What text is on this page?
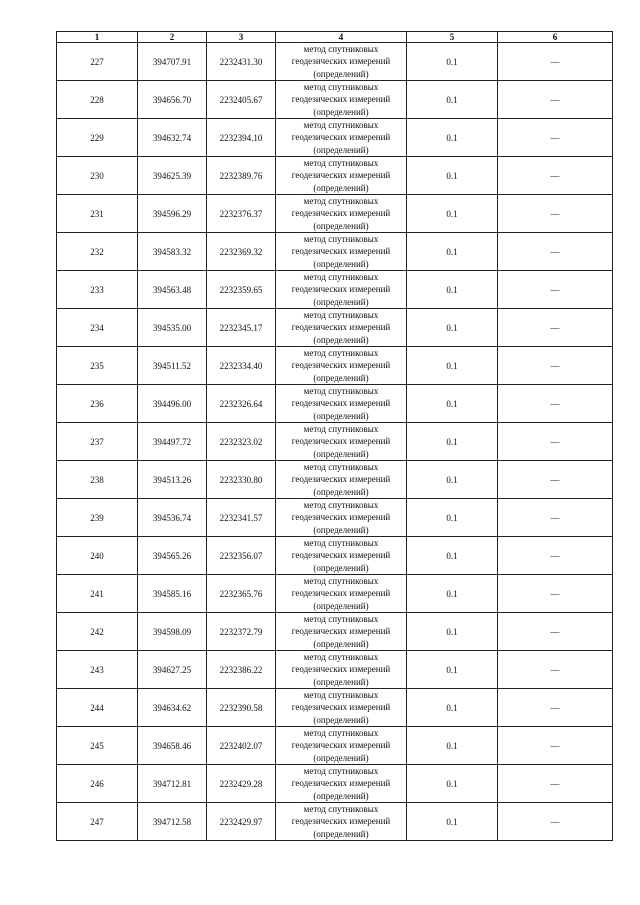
1	2	3	4	5	6
227	394707.91	2232431.30	метод спутниковых геодезических измерений (определений)	0.1	—
228	394656.70	2232405.67	метод спутниковых геодезических измерений (определений)	0.1	—
229	394632.74	2232394.10	метод спутниковых геодезических измерений (определений)	0.1	—
230	394625.39	2232389.76	метод спутниковых геодезических измерений (определений)	0.1	—
231	394596.29	2232376.37	метод спутниковых геодезических измерений (определений)	0.1	—
232	394583.32	2232369.32	метод спутниковых геодезических измерений (определений)	0.1	—
233	394563.48	2232359.65	метод спутниковых геодезических измерений (определений)	0.1	—
234	394535.00	2232345.17	метод спутниковых геодезических измерений (определений)	0.1	—
235	394511.52	2232334.40	метод спутниковых геодезических измерений (определений)	0.1	—
236	394496.00	2232326.64	метод спутниковых геодезических измерений (определений)	0.1	—
237	394497.72	2232323.02	метод спутниковых геодезических измерений (определений)	0.1	—
238	394513.26	2232330.80	метод спутниковых геодезических измерений (определений)	0.1	—
239	394536.74	2232341.57	метод спутниковых геодезических измерений (определений)	0.1	—
240	394565.26	2232356.07	метод спутниковых геодезических измерений (определений)	0.1	—
241	394585.16	2232365.76	метод спутниковых геодезических измерений (определений)	0.1	—
242	394598.09	2232372.79	метод спутниковых геодезических измерений (определений)	0.1	—
243	394627.25	2232386.22	метод спутниковых геодезических измерений (определений)	0.1	—
244	394634.62	2232390.58	метод спутниковых геодезических измерений (определений)	0.1	—
245	394658.46	2232402.07	метод спутниковых геодезических измерений (определений)	0.1	—
246	394712.81	2232429.28	метод спутниковых геодезических измерений (определений)	0.1	—
247	394712.58	2232429.97	метод спутниковых геодезических измерений (определений)	0.1	—
